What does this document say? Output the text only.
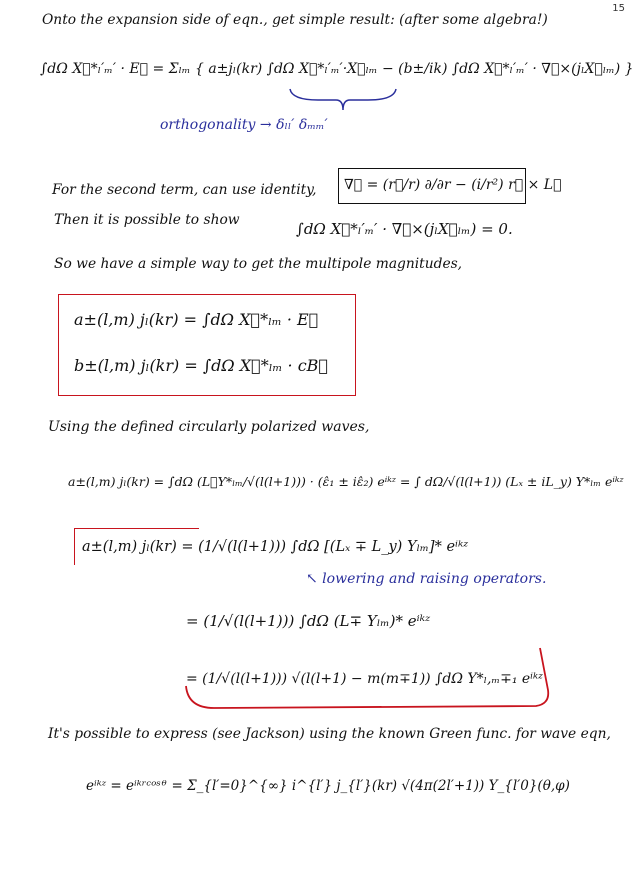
15
Onto the expansion side of eqn., get simple result: (after some algebra!)
∫dΩ X⃗*ₗ′ₘ′ · E⃗ = Σₗₘ { a±jₗ(kr) ∫dΩ X⃗*ₗ′ₘ′·X⃗ₗₘ − (b±/ik) ∫dΩ X⃗*ₗ′ₘ′ · ∇⃗×(jₗX⃗ₗₘ) }
orthogonality → δₗₗ′ δₘₘ′
For the second term, can use identity, ∇⃗ = (r⃗/r) ∂/∂r − (i/r²) r⃗ × L⃗
Then it is possible to show	∫dΩ X⃗*ₗ′ₘ′ · ∇⃗×(jₗX⃗ₗₘ) = 0.
So we have a simple way to get the multipole magnitudes,
a±(l,m) jₗ(kr) = ∫dΩ X⃗*ₗₘ · E⃗
b±(l,m) jₗ(kr) = ∫dΩ X⃗*ₗₘ · cB⃗
Using the defined circularly polarized waves,
a±(l,m) jₗ(kr) = ∫dΩ (L⃗Y*ₗₘ/√(l(l+1))) · (ε̂₁ ± iε̂₂) eⁱᵏᶻ = ∫ dΩ/√(l(l+1)) (Lₓ ± iL_y) Y*ₗₘ eⁱᵏᶻ
a±(l,m) jₗ(kr) = (1/√(l(l+1))) ∫dΩ [(Lₓ ∓ L_y) Yₗₘ]* eⁱᵏᶻ
↖ lowering and raising operators.
= (1/√(l(l+1))) ∫dΩ (L∓ Yₗₘ)* eⁱᵏᶻ
= (1/√(l(l+1))) √(l(l+1) − m(m∓1)) ∫dΩ Y*ₗ,ₘ∓₁ eⁱᵏᶻ
It's possible to express (see Jackson) using the known Green func. for wave eqn,
eⁱᵏᶻ = eⁱᵏʳᶜᵒˢᶿ = Σ_{l′=0}^{∞} i^{l′} j_{l′}(kr) √(4π(2l′+1)) Y_{l′0}(θ,φ)
